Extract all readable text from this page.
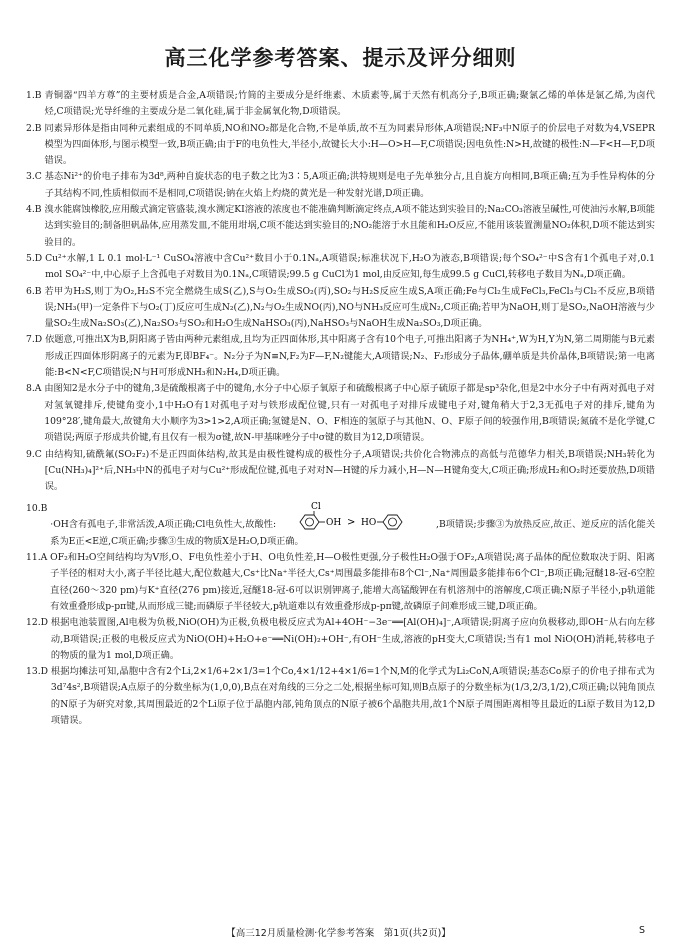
高三化学参考答案、提示及评分细则
1.B
青铜器“四羊方尊”的主要材质是合金,A项错误;竹简的主要成分是纤维素、木质素等,属于天然有机高分子,B项正确;聚氯乙烯的单体是氯乙烯,为卤代烃,C项错误;光导纤维的主要成分是二氧化硅,属于非金属氧化物,D项错误。
2.B
同素异形体是指由同种元素组成的不同单质,NO和NO₂都是化合物,不是单质,故不互为同素异形体,A项错误;NF₃中N原子的价层电子对数为4,VSEPR模型为四面体形,与图示模型一致,B项正确;由于F的电负性大,半径小,故键长大小:H—O>H—F,C项错误;因电负性:N>H,故键的极性:N—F<H—F,D项错误。
3.C
基态Ni²⁺的价电子排布为3d⁸,两种自旋状态的电子数之比为3∶5,A项正确;洪特规则是电子先单独分占,且自旋方向相同,B项正确;互为手性异构体的分子其结构不同,性质相似而不是相同,C项错误;钠在火焰上灼烧的黄光是一种发射光谱,D项正确。
4.B
溴水能腐蚀橡胶,应用酸式滴定管盛装,溴水测定KI溶液的浓度也不能准确判断滴定终点,A项不能达到实验目的;Na₂CO₃溶液呈碱性,可使油污水解,B项能达到实验目的;制备胆矾晶体,应用蒸发皿,不能用坩埚,C项不能达到实验目的;NO₂能溶于水且能和H₂O反应,不能用该装置测量NO₂体积,D项不能达到实验目的。
5.D
Cu²⁺水解,1 L 0.1 mol·L⁻¹ CuSO₄溶液中含Cu²⁺数目小于0.1Nₐ,A项错误;标准状况下,H₂O为液态,B项错误;每个SO₄²⁻中S含有1个孤电子对,0.1 mol SO₄²⁻中,中心原子上含孤电子对数目为0.1Nₐ,C项错误;99.5 g CuCl为1 mol,由反应知,每生成99.5 g CuCl,转移电子数目为Nₐ,D项正确。
6.B
若甲为H₂S,则丁为O₂,H₂S不完全燃烧生成S(乙),S与O₂生成SO₂(丙),SO₂与H₂S反应生成S,A项正确;Fe与Cl₂生成FeCl₃,FeCl₃与Cl₂不反应,B项错误;NH₃(甲)一定条件下与O₂(丁)反应可生成N₂(乙),N₂与O₂生成NO(丙),NO与NH₃反应可生成N₂,C项正确;若甲为NaOH,则丁是SO₂,NaOH溶液与少量SO₂生成Na₂SO₃(乙),Na₂SO₃与SO₂和H₂O生成NaHSO₃(丙),NaHSO₃与NaOH生成Na₂SO₃,D项正确。
7.D
依题意,可推出X为B,阴阳离子皆由两种元素组成,且均为正四面体形,其中阳离子含有10个电子,可推出阳离子为NH₄⁺,W为H,Y为N,第二周期能与B元素形成正四面体形阴离子的元素为F,即BF₄⁻。N₂分子为N≡N,F₂为F—F,N₂键能大,A项错误;N₂、F₂形成分子晶体,硼单质是共价晶体,B项错误;第一电离能:B<N<F,C项错误;N与H可形成NH₃和N₂H₄,D项正确。
8.A
由图知2是水分子中的键角,3是硫酸根离子中的键角,水分子中心原子氧原子和硫酸根离子中心原子硫原子都是sp³杂化,但是2中水分子中有两对孤电子对对氢氧键排斥,使键角变小,1中H₂O有1对孤电子对与铁形成配位键,只有一对孤电子对排斥成键电子对,键角稍大于2,3无孤电子对的排斥,键角为109°28′,键角最大,故键角大小顺序为3>1>2,A项正确;氢键是N、O、F相连的氢原子与其他N、O、F原子间的较强作用,B项错误;氮硫不是化学键,C项错误;两原子形成共价键,有且仅有一根为σ键,故N-甲基咪唑分子中σ键的数目为12,D项错误。
9.C
由结构知,硫酰氟(SO₂F₂)不是正四面体结构,故其是由极性键构成的极性分子,A项错误;共价化合物沸点的高低与范德华力相关,B项错误;NH₃转化为[Cu(NH₃)₄]²⁺后,NH₃中N的孤电子对与Cu²⁺形成配位键,孤电子对对N—H键的斥力减小,H—N—H键角变大,C项正确;形成H₂和O₂时还要放热,D项错误。
10.B

·OH含有孤电子,非常活泼,A项正确;Cl电负性大,故酸性:
Cl
OH > HO	,B项错误;步骤③为放热反应,故正、逆反应的活化能关系为E正<E逆,C项正确;步骤③生成的物质X是H₂O,D项正确。
11.A
OF₂和H₂O空间结构均为V形,O、F电负性差小于H、O电负性差,H—O极性更强,分子极性H₂O强于OF₂,A项错误;离子晶体的配位数取决于阴、阳离子半径的相对大小,离子半径比越大,配位数越大,Cs⁺比Na⁺半径大,Cs⁺周围最多能排布8个Cl⁻,Na⁺周围最多能排布6个Cl⁻,B项正确;冠醚18-冠-6空腔直径(260～320 pm)与K⁺直径(276 pm)接近,冠醚18-冠-6可以识别钾离子,能增大高锰酸钾在有机溶剂中的溶解度,C项正确;N原子半径小,p轨道能有效重叠形成p-pπ键,从而形成三键;而磷原子半径较大,p轨道难以有效重叠形成p-pπ键,故磷原子间难形成三键,D项正确。
12.D
根据电池装置图,Al电极为负极,NiO(OH)为正极,负极电极反应式为Al+4OH⁻−3e⁻══[Al(OH)₄]⁻,A项错误;阴离子应向负极移动,即OH⁻从右向左移动,B项错误;正极的电极反应式为NiO(OH)+H₂O+e⁻══Ni(OH)₂+OH⁻,有OH⁻生成,溶液的pH变大,C项错误;当有1 mol NiO(OH)消耗,转移电子的物质的量为1 mol,D项正确。
13.D
根据均摊法可知,晶胞中含有2个Li,2×1/6+2×1/3=1个Co,4×1/12+4×1/6=1个N,M的化学式为Li₂CoN,A项错误;基态Co原子的价电子排布式为3d⁷4s²,B项错误;A点原子的分数坐标为(1,0,0),B点在对角线的三分之二处,根据坐标可知,则B点原子的分数坐标为(1/3,2/3,1/2),C项正确;以钝角顶点的N原子为研究对象,其周围最近的2个Li原子位于晶胞内部,钝角顶点的N原子被6个晶胞共用,故1个N原子周围距离相等且最近的Li原子数目为12,D项错误。
【高三12月质量检测·化学参考答案　第1页(共2页)】	S
